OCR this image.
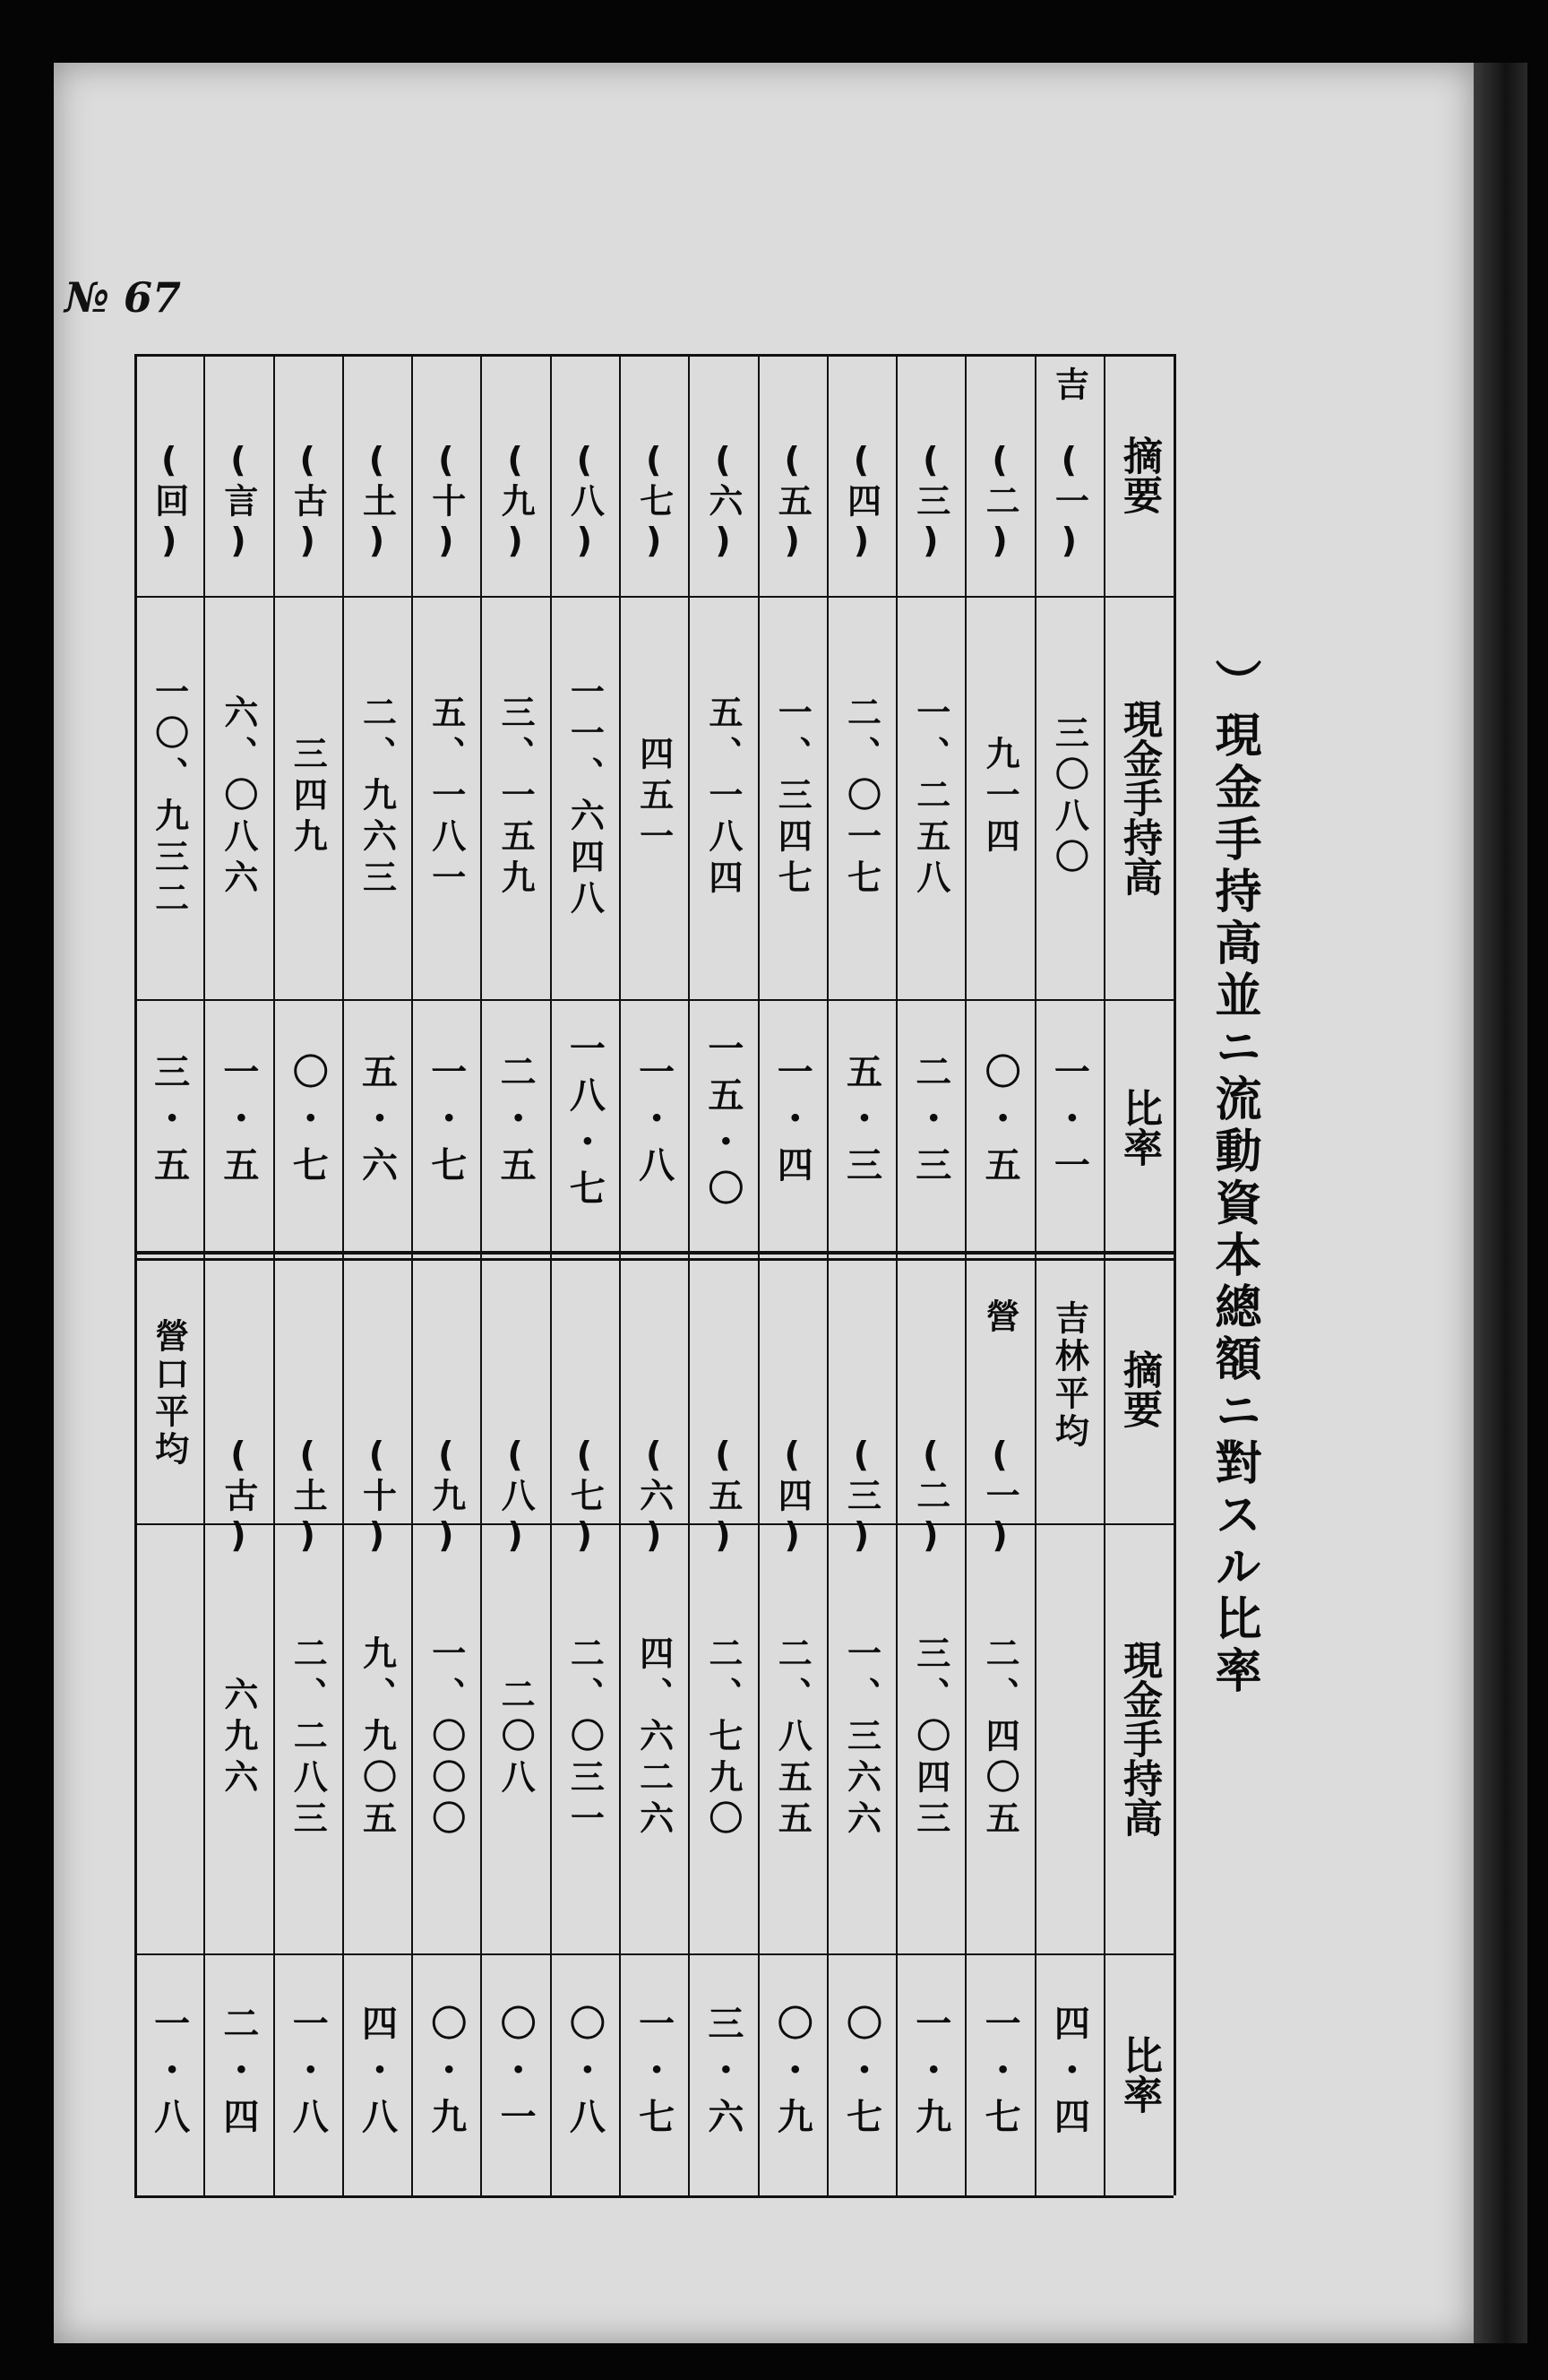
№ 67
）現金手持高並ニ流動資本總額ニ對スル比率
摘要
現金手持高
比率
摘要
現金手持高
比率
吉
(一)
三〇八〇
一・一
(二)
九一四
〇・五
(三)
一、二五八
二・三
(四)
二、〇一七
五・三
(五)
一、三四七
一・四
(六)
五、一八四
一五・〇
(七)
四五一
一・八
(八)
一一、六四八
一八・七
(九)
三、一五九
二・五
(十)
五、一八一
一・七
(土)
二、九六三
五・六
(古)
三四九
〇・七
(言)
六、〇八六
一・五
(回)
一〇、九三二
三・五
吉林平均
營
四・四
(一)
二、四〇五
一・七
(二)
三、〇四三
一・九
(三)
一、三六六
〇・七
(四)
二、八五五
〇・九
(五)
二、七九〇
三・六
(六)
四、六二六
一・七
(七)
二、〇三一
〇・八
(八)
二〇八
〇・一
(九)
一、〇〇〇
〇・九
(十)
九、九〇五
四・八
(土)
二、二八三
一・八
(古)
六九六
二・四
營口平均
一・八
